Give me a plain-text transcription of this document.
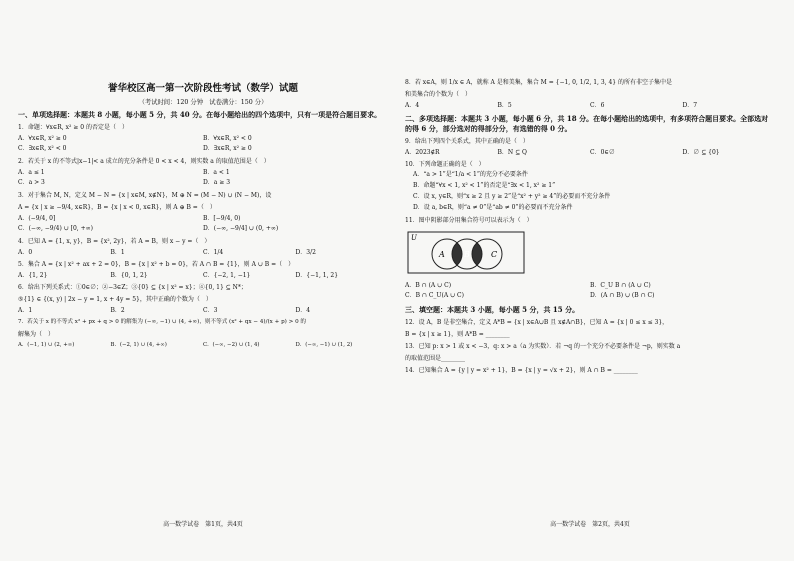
誉华校区高一第一次阶段性考试（数学）试题
（考试时间：120 分钟　试卷满分：150 分）
一、单项选择题：本题共 8 小题，每小题 5 分，共 40 分。在每小题给出的四个选项中，只有一项是符合题目要求。
1．命题：∀x∈R, x² ≥ 0 的否定是（　）
A．∀x∈R, x² ≥ 0	B．∀x∈R, x² < 0
C．∃x∈R, x² < 0	D．∃x∈R, x² ≥ 0
2．若关于 x 的不等式|x−1|< a 成立的充分条件是 0 < x < 4，则实数 a 的取值范围是（　）
A．a ≤ 1	B．a < 1
C．a > 3	D．a ≥ 3
3．对于集合 M, N，定义 M − N = {x | x∈M, x∉N}，M ⊕ N = (M − N) ∪ (N − M)，设
A = {x | x ≥ −9/4, x∈R}，B = {x | x < 0, x∈R}，则 A ⊕ B =（　）
A．(−9/4, 0]	B．[−9/4, 0)
C．(−∞, −9/4) ∪ [0, +∞)	D．(−∞, −9/4] ∪ (0, +∞)
4．已知 A = {1, x, y}，B = {x², 2y}，若 A = B，则 x − y =（　）
A．0	B．1	C．1/4	D．3/2
5．集合 A = {x | x² + ax + 2 = 0}，B = {x | x² + b = 0}，若 A ∩ B = {1}，则 A ∪ B =（　）
A．{1, 2}	B．{0, 1, 2}	C．{−2, 1, −1}	D．{−1, 1, 2}
6．给出下列关系式：①0∈∅；②−3∈Z；③{0} ⊆ {x | x² = x}；④{0, 1} ⊆ N*；
⑤{1} ∈ {(x, y) | 2x − y = 1, x + 4y = 5}，其中正确的个数为（　）
A．1	B．2	C．3	D．4
7．若关于 x 的不等式 x² + px + q > 0 的解集为 (−∞, −1) ∪ (4, +∞)，则不等式 (x² + qx − 4)/(x + p) > 0 的
解集为（　）
A．(−1, 1) ∪ (2, +∞)	B．(−2, 1) ∪ (4, +∞)	C．(−∞, −2) ∪ (1, 4)	D．(−∞, −1) ∪ (1, 2)
高一数学试卷　第1页，共4页
8．若 x∈A，则 1/x ∈ A，就称 A 是和美集，集合 M = {−1, 0, 1/2, 1, 3, 4} 的所有非空子集中是
和美集合的个数为（　）
A．4	B．5	C．6	D．7
二、多项选择题：本题共 3 小题，每小题 6 分，共 18 分。在每小题给出的选项中，有多项符合题目要求。全部选对的得 6 分，部分选对的得部分分，有选错的得 0 分。
9．给出下列四个关系式，其中正确的是（　）
A．2023∉R	B．N ⊆ Q	C．0∈∅	D．∅ ⊆ {0}
10．下列命题正确的是（　）
A．“a > 1”是“1/a < 1”的充分不必要条件
B．命题“∀x < 1, x² < 1”的否定是“∃x < 1, x² ≥ 1”
C．设 x, y∈R，则“x ≥ 2 且 y ≥ 2”是“x² + y² ≥ 4”的必要而不充分条件
D．设 a, b∈R，则“a ≠ 0”是“ab ≠ 0”的必要而不充分条件
11．图中阴影部分用集合符号可以表示为（　）
U
A B	C
A．B ∩ (A ∪ C)	B．C_U B ∩ (A ∪ C)
C．B ∩ C_U(A ∪ C)	D．(A ∩ B) ∪ (B ∩ C)
三、填空题：本题共 3 小题，每小题 5 分，共 15 分。
12．设 A，B 是非空集合，定义 A*B = {x | x∈A∪B 且 x∉A∩B}，已知 A = {x | 0 ≤ x ≤ 3}，
B = {x | x ≥ 1}，则 A*B = ________
13．已知 p: x > 1 或 x < −3，q: x > a（a 为实数）．若 ¬q 的一个充分不必要条件是 ¬p，则实数 a
的取值范围是________
14．已知集合 A = {y | y = x² + 1}，B = {x | y = √x + 2}，则 A ∩ B = ________
高一数学试卷　第2页，共4页
